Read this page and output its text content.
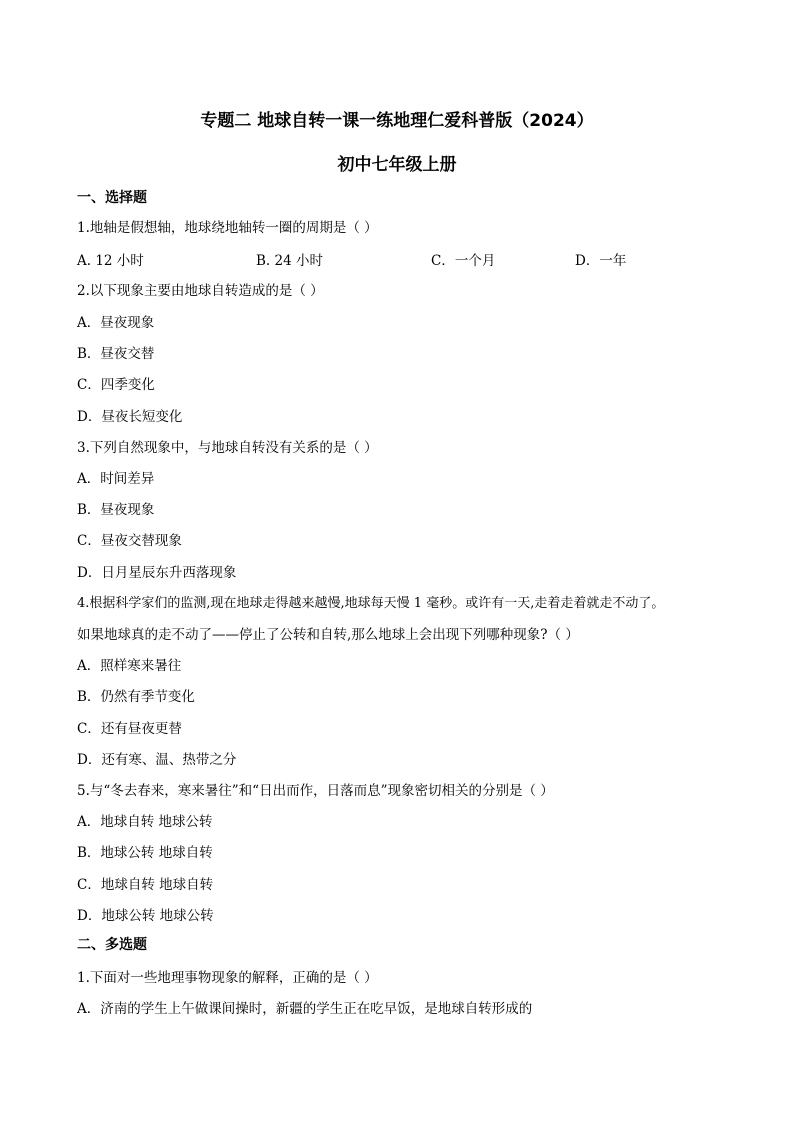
专题二 地球自转一课一练地理仁爱科普版（2024）
初中七年级上册
一、选择题
1.地轴是假想轴，地球绕地轴转一圈的周期是（ ）
A. 12 小时	B. 24 小时	C．一个月	D．一年
2.以下现象主要由地球自转造成的是（ ）
A．昼夜现象
B．昼夜交替
C．四季变化
D．昼夜长短变化
3.下列自然现象中，与地球自转没有关系的是（ ）
A．时间差异
B．昼夜现象
C．昼夜交替现象
D．日月星辰东升西落现象
4.根据科学家们的监测,现在地球走得越来越慢,地球每天慢 1 毫秒。或许有一天,走着走着就走不动了。
如果地球真的走不动了——停止了公转和自转,那么地球上会出现下列哪种现象?（ ）
A．照样寒来暑往
B．仍然有季节变化
C．还有昼夜更替
D．还有寒、温、热带之分
5.与“冬去春来，寒来暑往”和“日出而作，日落而息”现象密切相关的分别是（ ）
A．地球自转 地球公转
B．地球公转 地球自转
C．地球自转 地球自转
D．地球公转 地球公转
二、多选题
1.下面对一些地理事物现象的解释，正确的是（ ）
A．济南的学生上午做课间操时，新疆的学生正在吃早饭，是地球自转形成的
